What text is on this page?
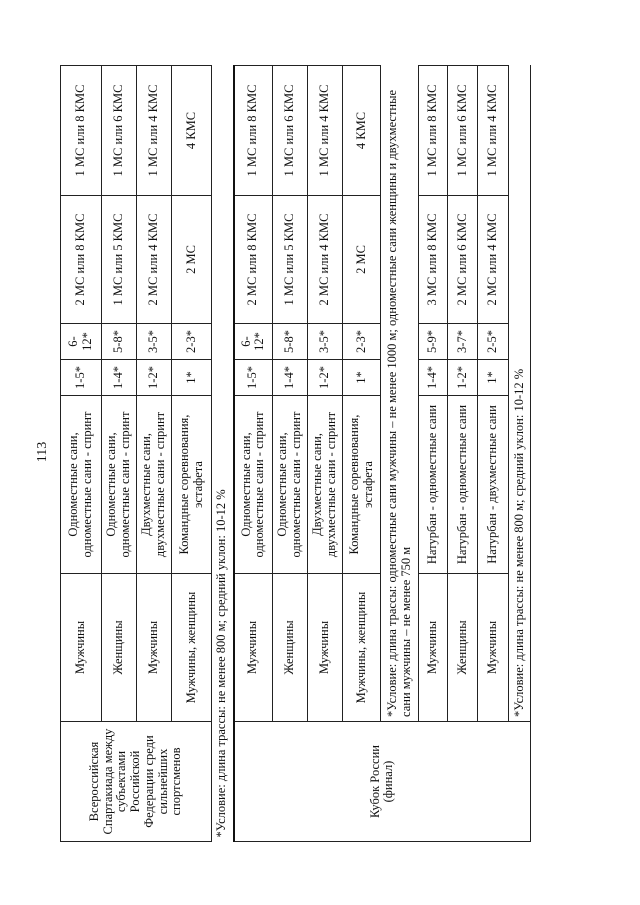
113
Всероссийская Спартакиада между субъектами Российской Федерации среди сильнейших спортсменов	Мужчины	Одноместные сани, одноместные сани - спринт	1-5*	6-12*	2 МС или 8 КМС	1 МС или 8 КМС
	Женщины	Одноместные сани, одноместные сани - спринт	1-4*	5-8*	1 МС или 5 КМС	1 МС или 6 КМС
	Мужчины	Двухместные сани, двухместные сани - спринт	1-2*	3-5*	2 МС или 4 КМС	1 МС или 4 КМС
	Мужчины, женщины	Командные соревнования, эстафета	1*	2-3*	2 МС	4 КМС
*Условие: длина трассы: не менее 800 м; средний уклон: 10-12 %						
Кубок России (финал)	Мужчины	Одноместные сани, одноместные сани - спринт	1-5*	6-12*	2 МС или 8 КМС	1 МС или 8 КМС
	Женщины	Одноместные сани, одноместные сани - спринт	1-4*	5-8*	1 МС или 5 КМС	1 МС или 6 КМС
	Мужчины	Двухместные сани, двухместные сани - спринт	1-2*	3-5*	2 МС или 4 КМС	1 МС или 4 КМС
	Мужчины, женщины	Командные соревнования, эстафета	1*	2-3*	2 МС	4 КМС
	*Условие: длина трассы: одноместные сани мужчины – не менее 1000 м; одноместные сани женщины и двухместные сани мужчины – не менее 750 м					
	Мужчины	Натурбан - одноместные сани	1-4*	5-9*	3 МС или 8 КМС	1 МС или 8 КМС
	Женщины	Натурбан - одноместные сани	1-2*	3-7*	2 МС или 6 КМС	1 МС или 6 КМС
	Мужчины	Натурбан - двухместные сани	1*	2-5*	2 МС или 4 КМС	1 МС или 4 КМС
	*Условие: длина трассы: не менее 800 м; средний уклон: 10-12 %					
